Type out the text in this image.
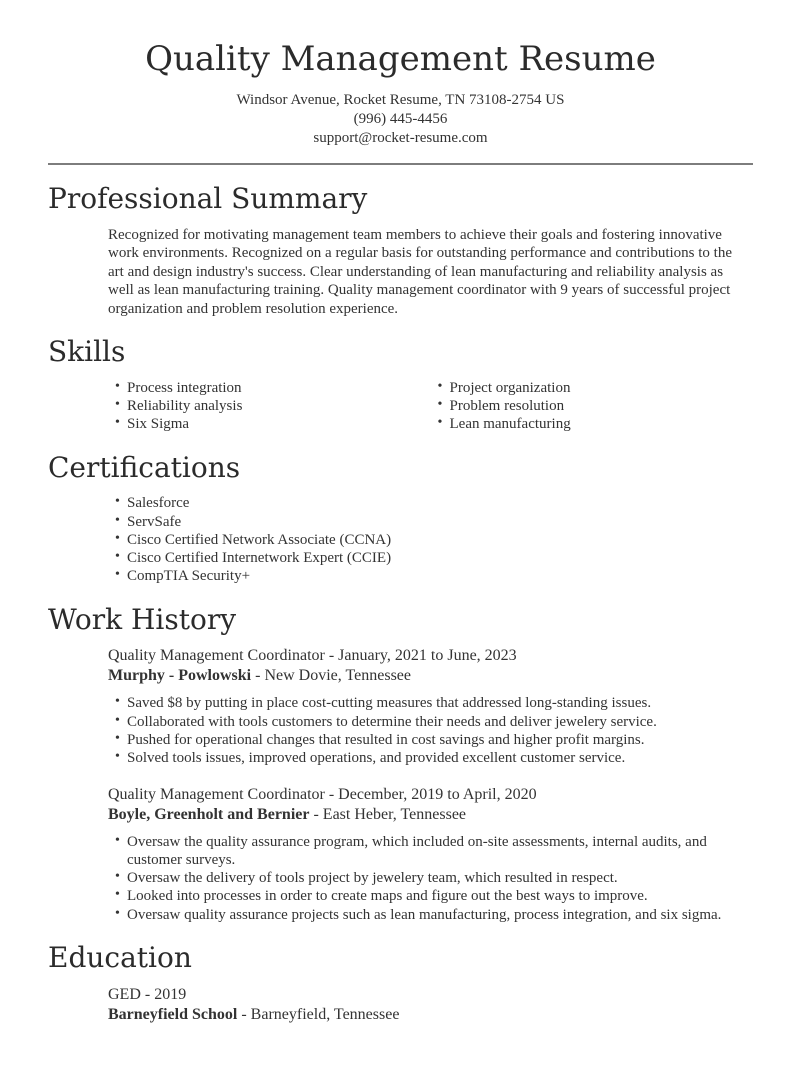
Quality Management Resume
Windsor Avenue, Rocket Resume, TN 73108-2754 US
(996) 445-4456
support@rocket-resume.com
Professional Summary

Recognized for motivating management team members to achieve their goals and fostering innovative work environments. Recognized on a regular basis for outstanding performance and contributions to the art and design industry's success. Clear understanding of lean manufacturing and reliability analysis as well as lean manufacturing training. Quality management coordinator with 9 years of successful project organization and problem resolution experience.

Skills
• Process integration
• Reliability analysis
• Six Sigma
• Project organization
• Problem resolution
• Lean manufacturing
Certifications
• Salesforce
• ServSafe
• Cisco Certified Network Associate (CCNA)
• Cisco Certified Internetwork Expert (CCIE)
• CompTIA Security+
Work History
Quality Management Coordinator - January, 2021 to June, 2023
Murphy - Powlowski - New Dovie, Tennessee
• Saved $8 by putting in place cost-cutting measures that addressed long-standing issues.
• Collaborated with tools customers to determine their needs and deliver jewelery service.
• Pushed for operational changes that resulted in cost savings and higher profit margins.
• Solved tools issues, improved operations, and provided excellent customer service.
Quality Management Coordinator - December, 2019 to April, 2020
Boyle, Greenholt and Bernier - East Heber, Tennessee
• Oversaw the quality assurance program, which included on-site assessments, internal audits, and customer surveys.
• Oversaw the delivery of tools project by jewelery team, which resulted in respect.
• Looked into processes in order to create maps and figure out the best ways to improve.
• Oversaw quality assurance projects such as lean manufacturing, process integration, and six sigma.
Education
GED - 2019
Barneyfield School - Barneyfield, Tennessee
